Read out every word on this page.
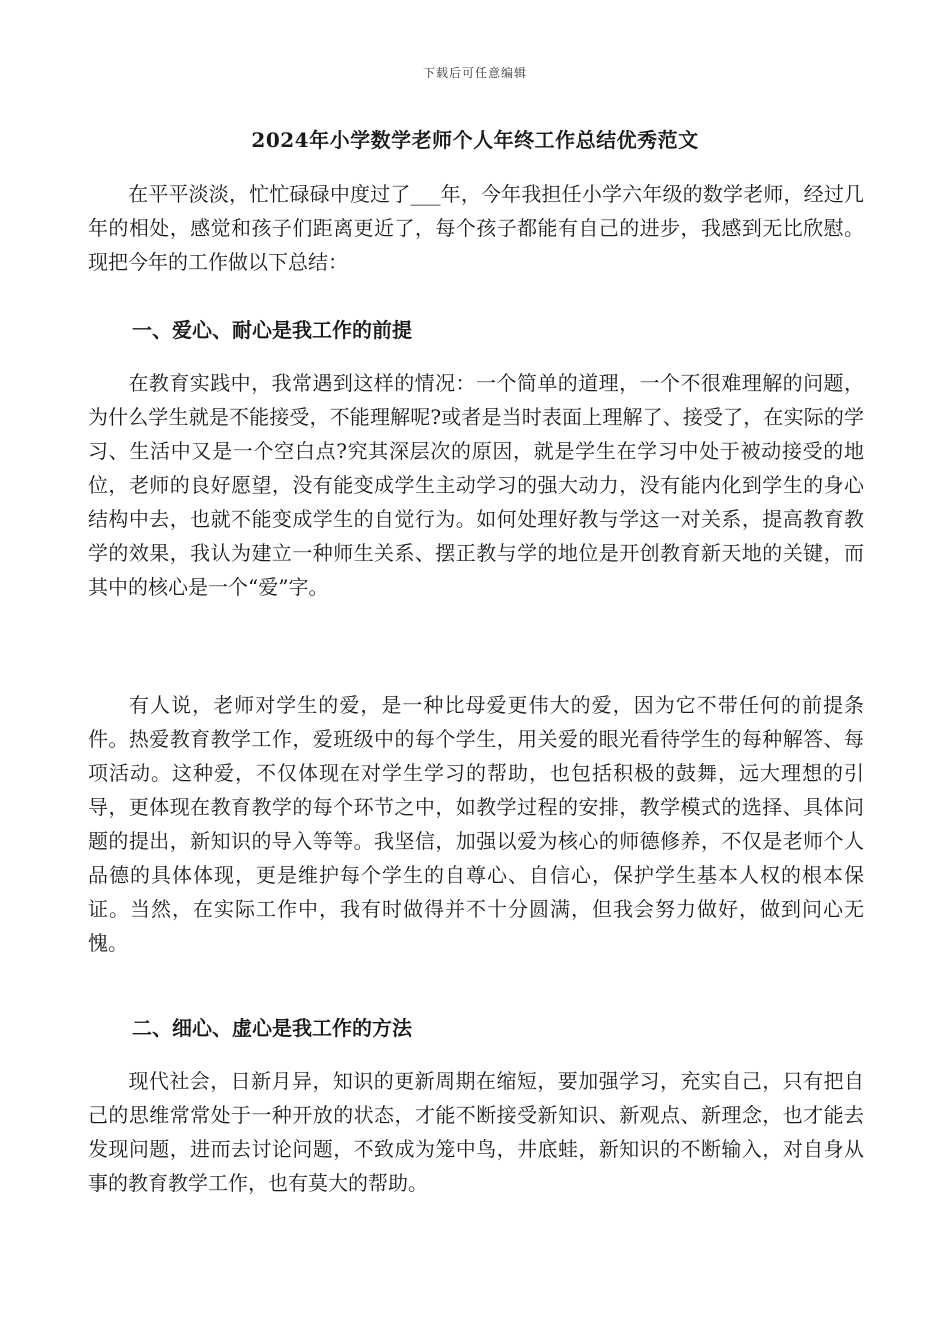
下载后可任意编辑
2024年小学数学老师个人年终工作总结优秀范文

在平平淡淡，忙忙碌碌中度过了___年，今年我担任小学六年级的数学老师，经过几年的相处，感觉和孩子们距离更近了，每个孩子都能有自己的进步，我感到无比欣慰。现把今年的工作做以下总结：

一、爱心、耐心是我工作的前提

在教育实践中，我常遇到这样的情况：一个简单的道理，一个不很难理解的问题，为什么学生就是不能接受，不能理解呢?或者是当时表面上理解了、接受了，在实际的学习、生活中又是一个空白点?究其深层次的原因，就是学生在学习中处于被动接受的地位，老师的良好愿望，没有能变成学生主动学习的强大动力，没有能内化到学生的身心结构中去，也就不能变成学生的自觉行为。如何处理好教与学这一对关系，提高教育教学的效果，我认为建立一种师生关系、摆正教与学的地位是开创教育新天地的关键，而其中的核心是一个“爱”字。

有人说，老师对学生的爱，是一种比母爱更伟大的爱，因为它不带任何的前提条件。热爱教育教学工作，爱班级中的每个学生，用关爱的眼光看待学生的每种解答、每项活动。这种爱，不仅体现在对学生学习的帮助，也包括积极的鼓舞，远大理想的引导，更体现在教育教学的每个环节之中，如教学过程的安排，教学模式的选择、具体问题的提出，新知识的导入等等。我坚信，加强以爱为核心的师德修养，不仅是老师个人品德的具体体现，更是维护每个学生的自尊心、自信心，保护学生基本人权的根本保证。当然，在实际工作中，我有时做得并不十分圆满，但我会努力做好，做到问心无愧。

二、细心、虚心是我工作的方法

现代社会，日新月异，知识的更新周期在缩短，要加强学习，充实自己，只有把自己的思维常常处于一种开放的状态，才能不断接受新知识、新观点、新理念，也才能去发现问题，进而去讨论问题，不致成为笼中鸟，井底蛙，新知识的不断输入，对自身从事的教育教学工作，也有莫大的帮助。
